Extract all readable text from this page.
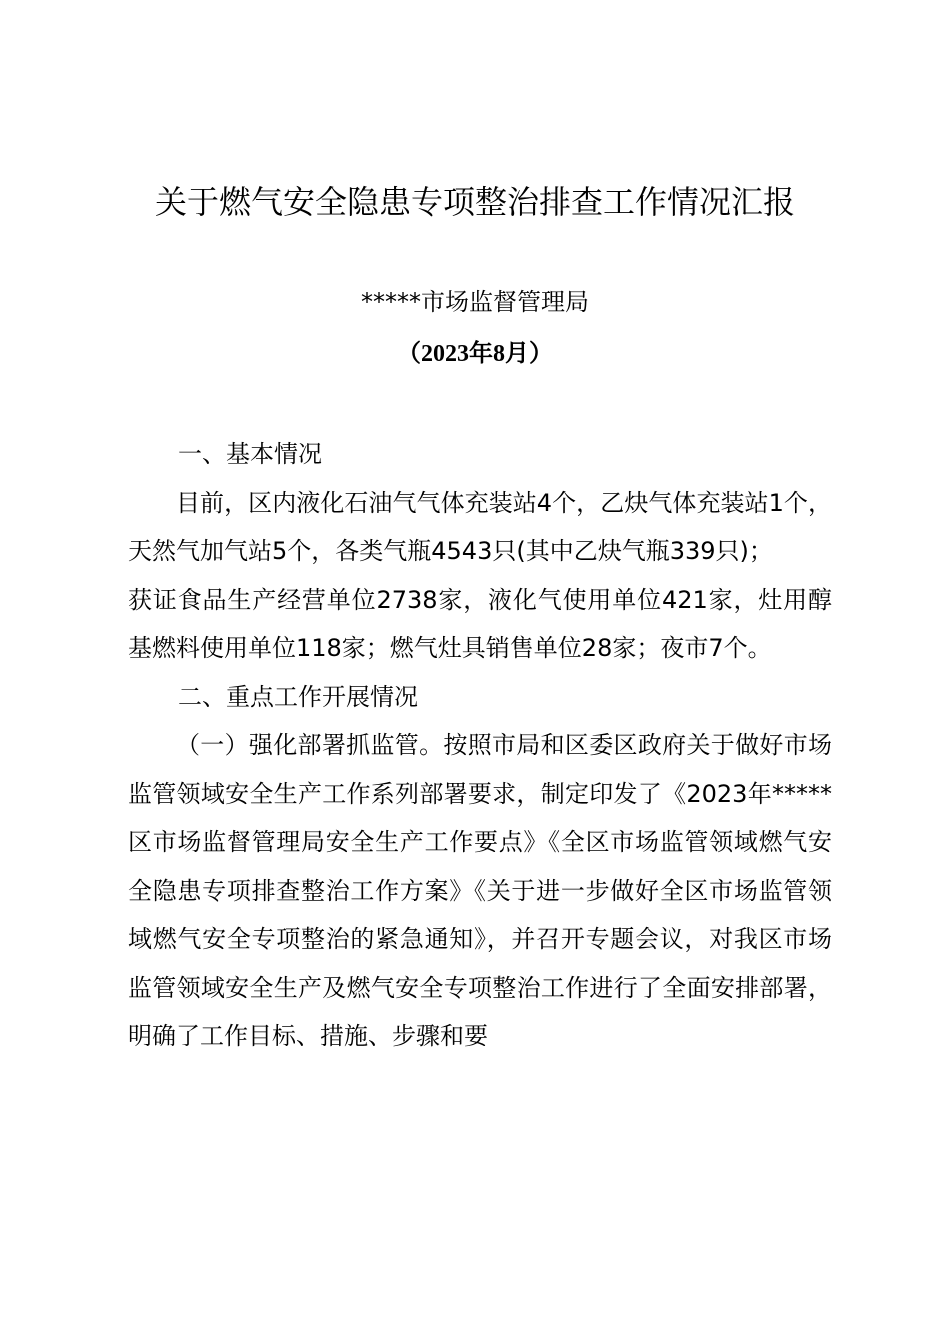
关于燃气安全隐患专项整治排查工作情况汇报
*****市场监督管理局
（2023年8月）

一、基本情况

目前，区内液化石油气气体充装站4个，乙炔气体充装站1个，天然气加气站5个，各类气瓶4543只(其中乙炔气瓶339只)；

获证食品生产经营单位2738家，液化气使用单位421家，灶用醇基燃料使用单位118家；燃气灶具销售单位28家；夜市7个。

二、重点工作开展情况

（一）强化部署抓监管。按照市局和区委区政府关于做好市场监管领域安全生产工作系列部署要求，制定印发了《2023年*****区市场监督管理局安全生产工作要点》《全区市场监管领域燃气安全隐患专项排查整治工作方案》《关于进一步做好全区市场监管领域燃气安全专项整治的紧急通知》，并召开专题会议，对我区市场监管领域安全生产及燃气安全专项整治工作进行了全面安排部署，明确了工作目标、措施、步骤和要
